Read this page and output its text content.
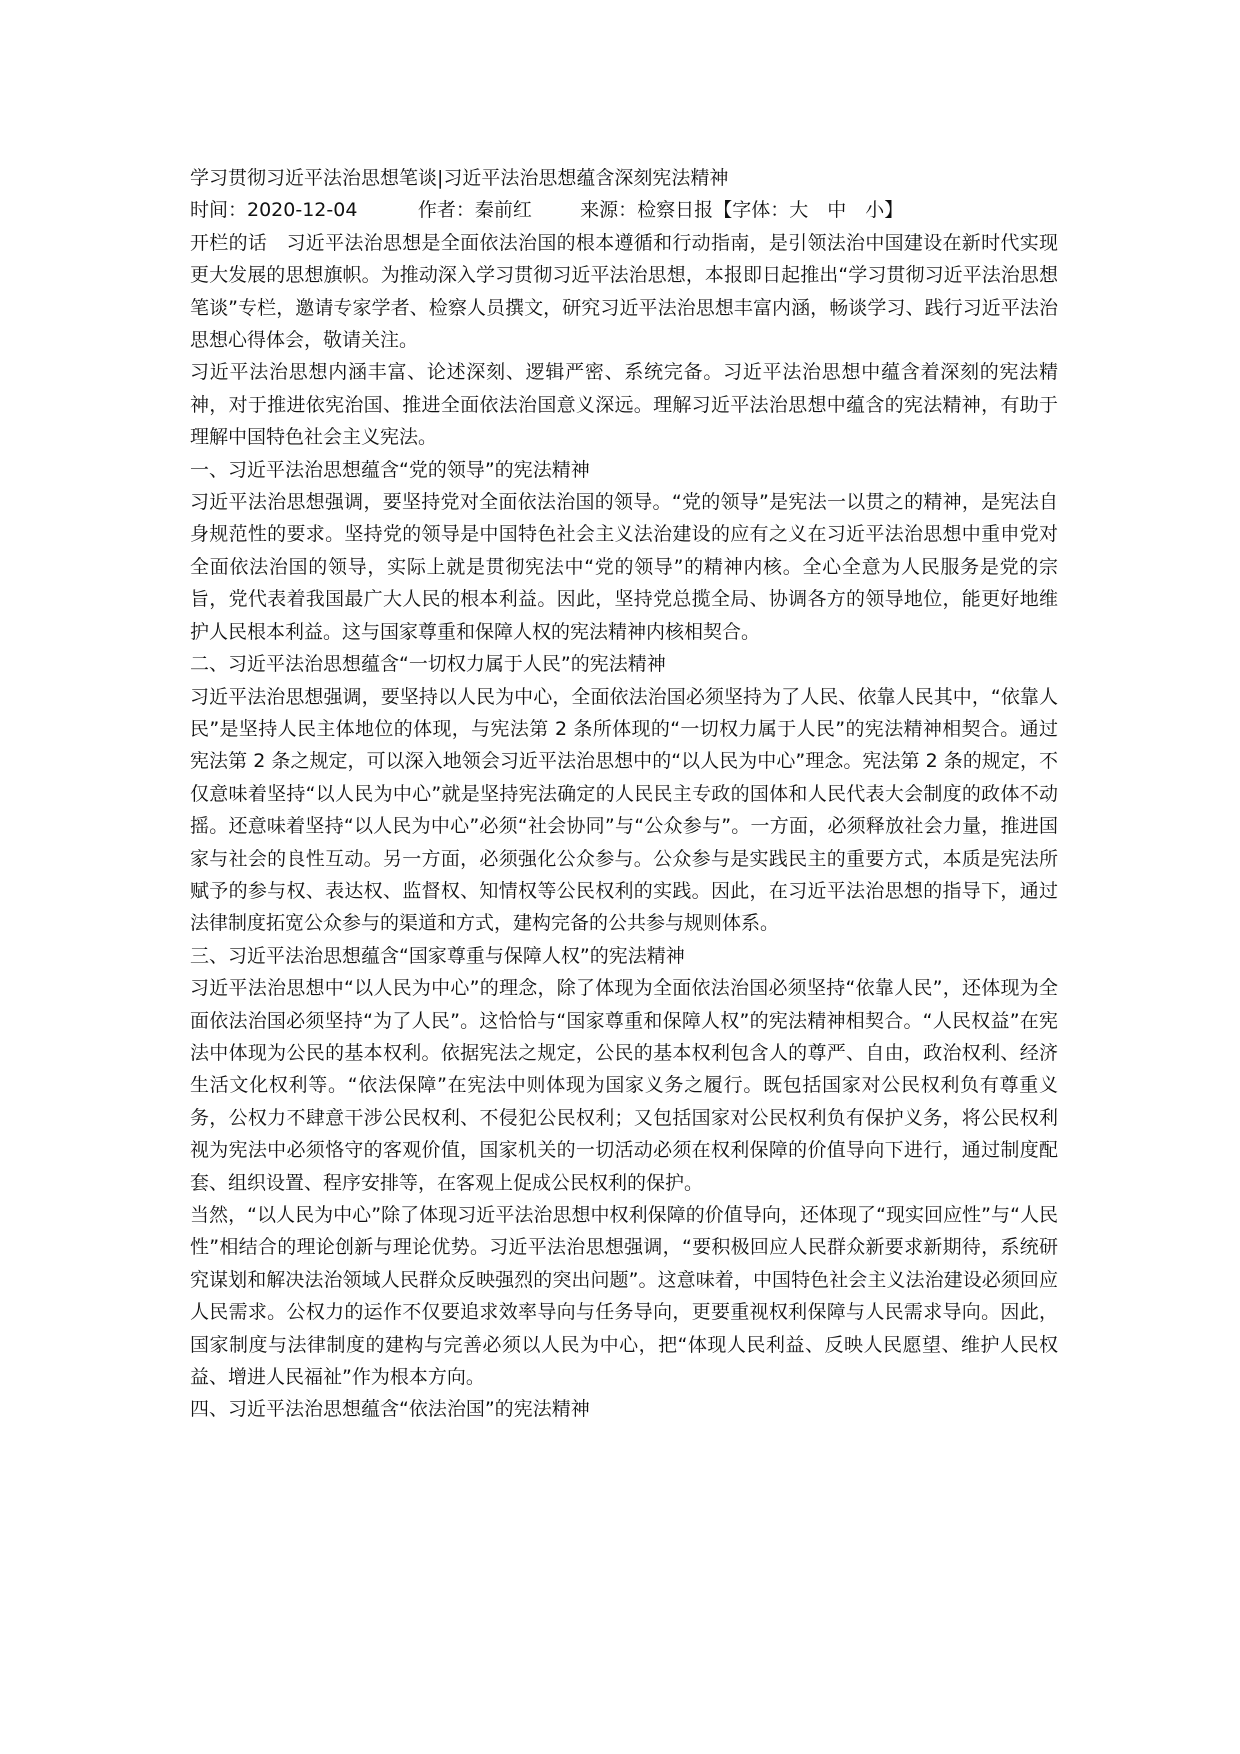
学习贯彻习近平法治思想笔谈|习近平法治思想蕴含深刻宪法精神

时间：2020-12-04	作者：秦前红	来源：检察日报【字体：大　中　小】

开栏的话　习近平法治思想是全面依法治国的根本遵循和行动指南，是引领法治中国建设在新时代实现更大发展的思想旗帜。为推动深入学习贯彻习近平法治思想，本报即日起推出“学习贯彻习近平法治思想笔谈”专栏，邀请专家学者、检察人员撰文，研究习近平法治思想丰富内涵，畅谈学习、践行习近平法治思想心得体会，敬请关注。

习近平法治思想内涵丰富、论述深刻、逻辑严密、系统完备。习近平法治思想中蕴含着深刻的宪法精神，对于推进依宪治国、推进全面依法治国意义深远。理解习近平法治思想中蕴含的宪法精神，有助于理解中国特色社会主义宪法。

一、习近平法治思想蕴含“党的领导”的宪法精神

习近平法治思想强调，要坚持党对全面依法治国的领导。“党的领导”是宪法一以贯之的精神，是宪法自身规范性的要求。坚持党的领导是中国特色社会主义法治建设的应有之义在习近平法治思想中重申党对全面依法治国的领导，实际上就是贯彻宪法中“党的领导”的精神内核。全心全意为人民服务是党的宗旨，党代表着我国最广大人民的根本利益。因此，坚持党总揽全局、协调各方的领导地位，能更好地维护人民根本利益。这与国家尊重和保障人权的宪法精神内核相契合。

二、习近平法治思想蕴含“一切权力属于人民”的宪法精神

习近平法治思想强调，要坚持以人民为中心，全面依法治国必须坚持为了人民、依靠人民其中，“依靠人民”是坚持人民主体地位的体现，与宪法第 2 条所体现的“一切权力属于人民”的宪法精神相契合。通过宪法第 2 条之规定，可以深入地领会习近平法治思想中的“以人民为中心”理念。宪法第 2 条的规定，不仅意味着坚持“以人民为中心”就是坚持宪法确定的人民民主专政的国体和人民代表大会制度的政体不动摇。还意味着坚持“以人民为中心”必须“社会协同”与“公众参与”。一方面，必须释放社会力量，推进国家与社会的良性互动。另一方面，必须强化公众参与。公众参与是实践民主的重要方式，本质是宪法所赋予的参与权、表达权、监督权、知情权等公民权利的实践。因此，在习近平法治思想的指导下，通过法律制度拓宽公众参与的渠道和方式，建构完备的公共参与规则体系。

三、习近平法治思想蕴含“国家尊重与保障人权”的宪法精神

习近平法治思想中“以人民为中心”的理念，除了体现为全面依法治国必须坚持“依靠人民”，还体现为全面依法治国必须坚持“为了人民”。这恰恰与“国家尊重和保障人权”的宪法精神相契合。“人民权益”在宪法中体现为公民的基本权利。依据宪法之规定，公民的基本权利包含人的尊严、自由，政治权利、经济生活文化权利等。“依法保障”在宪法中则体现为国家义务之履行。既包括国家对公民权利负有尊重义务，公权力不肆意干涉公民权利、不侵犯公民权利；又包括国家对公民权利负有保护义务，将公民权利视为宪法中必须恪守的客观价值，国家机关的一切活动必须在权利保障的价值导向下进行，通过制度配套、组织设置、程序安排等，在客观上促成公民权利的保护。

当然，“以人民为中心”除了体现习近平法治思想中权利保障的价值导向，还体现了“现实回应性”与“人民性”相结合的理论创新与理论优势。习近平法治思想强调，“要积极回应人民群众新要求新期待，系统研究谋划和解决法治领域人民群众反映强烈的突出问题”。这意味着，中国特色社会主义法治建设必须回应人民需求。公权力的运作不仅要追求效率导向与任务导向，更要重视权利保障与人民需求导向。因此，国家制度与法律制度的建构与完善必须以人民为中心，把“体现人民利益、反映人民愿望、维护人民权益、增进人民福祉”作为根本方向。

四、习近平法治思想蕴含“依法治国”的宪法精神
